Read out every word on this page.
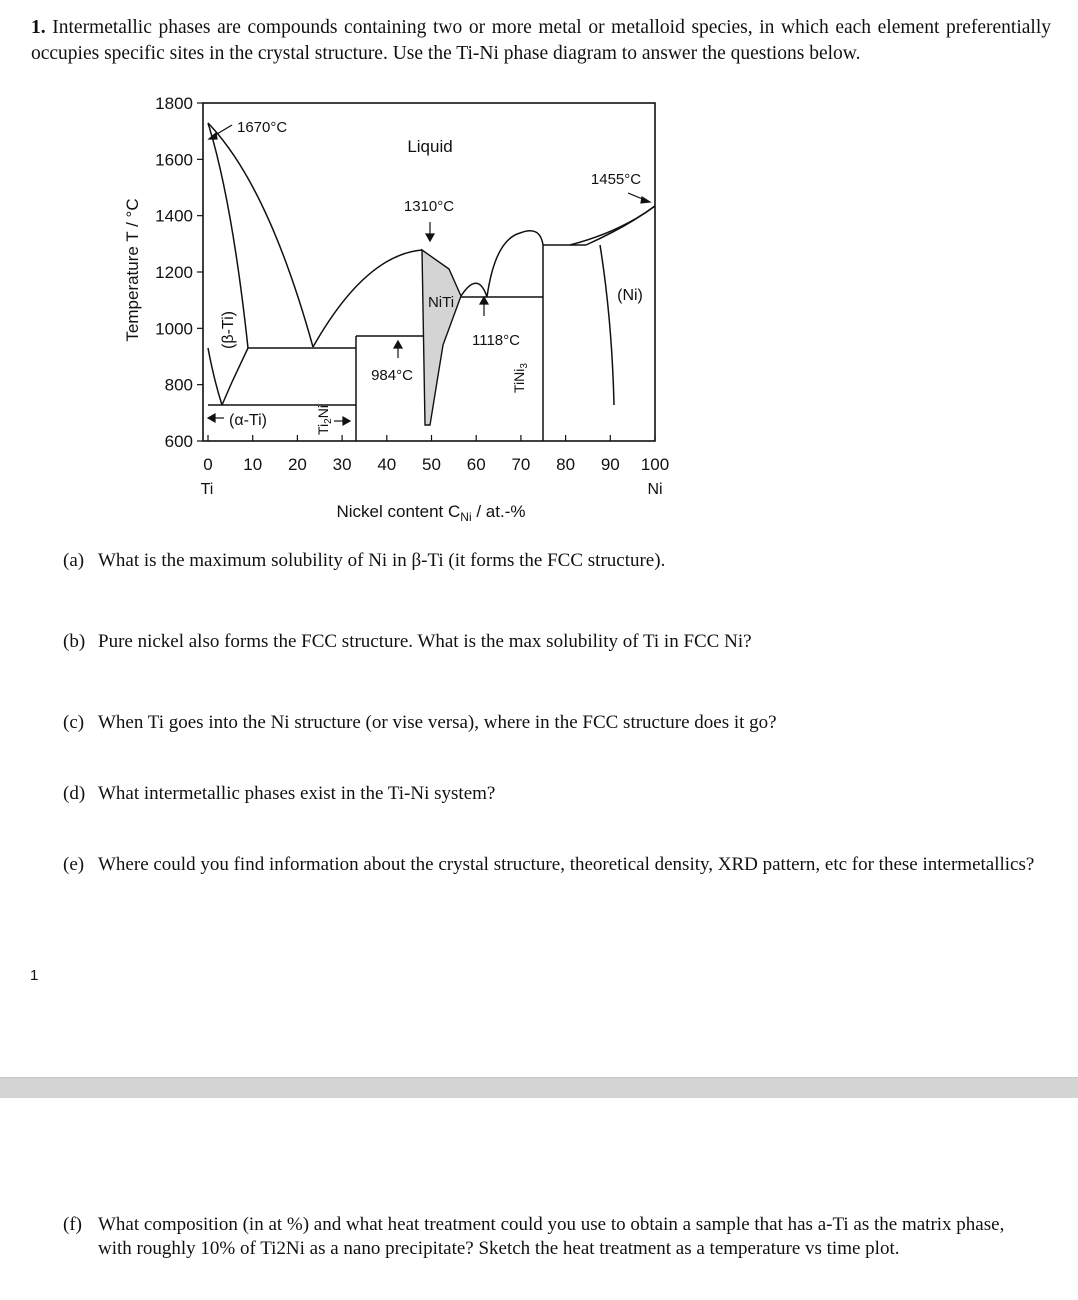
1. Intermetallic phases are compounds containing two or more metal or metalloid species, in which each element preferentially occupies specific sites in the crystal structure. Use the Ti-Ni phase diagram to answer the questions below.
0 10 20 30 40 50 60 70 80 90 100
1800
1600
1400
1200
1000
800
600
Temperature T / °C
Nickel content $C_{Ni} / at.-\%$
Ti	Ni
Liquid
(β-Ti)
(α-Ti)
NiTi	(Ni)
$Ti_2Ni$
TiNi$_3$
1670°C
1310°C
1455°C
1118°C
984°C
(a) What is the maximum solubility of Ni in β-Ti (it forms the FCC structure).
(b) Pure nickel also forms the FCC structure. What is the max solubility of Ti in FCC Ni?
(c) When Ti goes into the Ni structure (or vise versa), where in the FCC structure does it go?
(d) What intermetallic phases exist in the Ti-Ni system?
(e) Where could you find information about the crystal structure, theoretical density, XRD pattern, etc for these intermetallics?
1
(f) What composition (in at %) and what heat treatment could you use to obtain a sample that has a-Ti as the matrix phase, with roughly 10% of Ti2Ni as a nano precipitate? Sketch the heat treatment as a temperature vs time plot.
